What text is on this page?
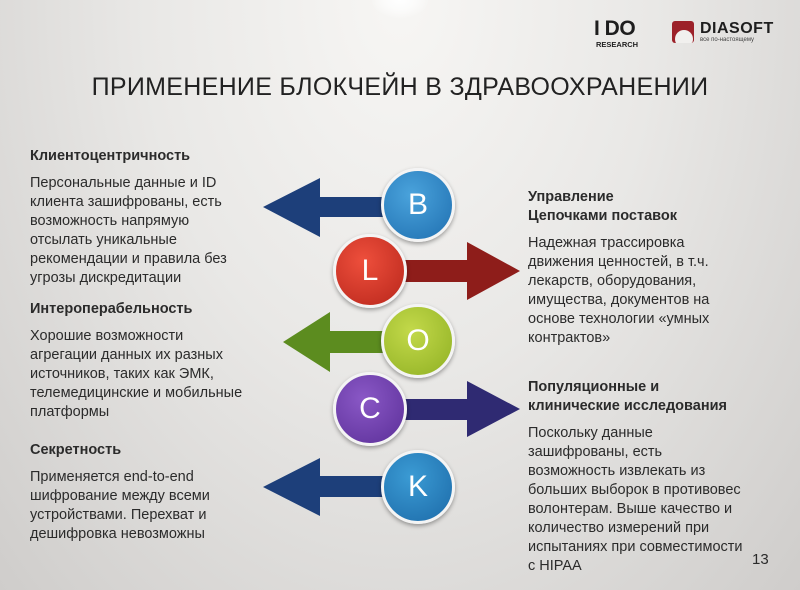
I DO
RESEARCH
DIASOFT
все по-настоящему
ПРИМЕНЕНИЕ БЛОКЧЕЙН В ЗДРАВООХРАНЕНИИ
B
L
O
C
K
Клиентоцентричность
Персональные данные и ID
клиента зашифрованы, есть
возможность напрямую
отсылать уникальные
рекомендации и правила без
угрозы дискредитации
Интероперабельность
Хорошие возможности
агрегации данных их разных
источников, таких как ЭМК,
телемедицинские и мобильные
платформы
Секретность
Применяется end-to-end
шифрование между всеми
устройствами. Перехват и
дешифровка невозможны
Управление
Цепочками поставок
Надежная трассировка
движения ценностей, в т.ч.
лекарств, оборудования,
имущества, документов на
основе технологии «умных
контрактов»
Популяционные и
клинические исследования
Поскольку данные
зашифрованы, есть
возможность извлекать из
больших выборок в противовес
волонтерам. Выше качество и
количество измерений при
испытаниях при совместимости
с HIPAA	13
